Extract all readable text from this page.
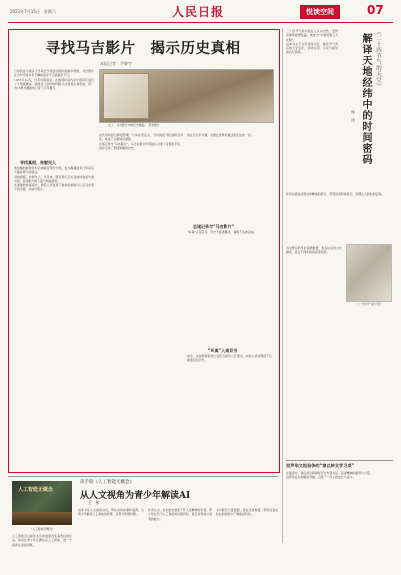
2023年7月15日　星期六	人民日报	悦读空间	07
寻找马吉影片　揭示历史真相
本报记者　尹晓宇
左上：马吉影片中的历史画面。　资料图片
日前我在与南京大学某史学项目的团队接触中得知，马吉影片在中外学者多年不懈的追寻下已经重见天日。
1937年12月，日军攻陷南京，在数周时间内对中国军民进行了大规模屠杀。美国圣公会牧师约翰·马吉冒着生命危险，用一台16毫米摄影机记录下日军暴行。
寻找真相，告慰先人
他拍摄的影像资料后被秘密带出中国，成为揭露侵华日军南京大屠杀罪行的铁证。
寻找真相，告慰先人。多年来，研究者们走访各地档案馆与图书馆，追寻影片的下落与原始拷贝。
在美国的档案馆中，研究人员发现了数卷原始胶片以及马吉留下的手稿、书信与照片。
这些资料经过修复整理，与幸存者证言、当时的报刊报道相互印证，构成了完整的证据链。
忠诚记录与“马吉影片”。马吉在影片中用镜头对准了受害的平民，真实记录了那段惨痛的历史。
他在日记中写道，必须让世界知道这里发生的一切。
忠诚记录与“马吉影片”
“叫真”入南京书。历史不能被篡改，真相不容被歪曲。
“叫真”入南京书
如今，这批影像资料已在纪念馆中公开展出，向世人讲述那段不应被遗忘的历史。
二十四节气是中国古人认识自然、安排农事的智慧结晶，被誉为“中国的第五大发明”。
这本书从天文学角度出发，解读节气背后的天空变化，讲述太阳、月亮与星辰的运行规律。	《二十四节气的天空》
解译天地经纬中的时间密码
林　沛
作者以通俗的语言和精美的图片，带领读者仰望星空，读懂古人的时间密码。
《二十四节气的天空》
书中既有科学的观测数据，也有诗意的文化解读，适合不同年龄的读者阅读。
说声华文视奋争的“难以转支学习项”
在阅读中，我们得以跨越时空与先贤对话，获得精神的滋养与力量。
这部作品以细腻的笔触，记录了一代人的成长与奋斗。
读手册《人工智能无概念》
从人文视角为青少年解读AI
王　彬
人工智能无概念
《人工智能无概念》
人工智能正以前所未有的速度改变着我们的生活。如何让青少年正确认识人工智能，是一个值得关注的问题。
这本书从人文视角出发，用生动的故事和案例，为青少年解读人工智能的原理、应用与伦理问题。
作者认为，技术的发展离不开人文精神的引领，青少年在学习人工智能知识的同时，更应培养独立思考的能力。
书中配有大量插图，语言浅显易懂，帮助读者在轻松的阅读中了解前沿科技。
